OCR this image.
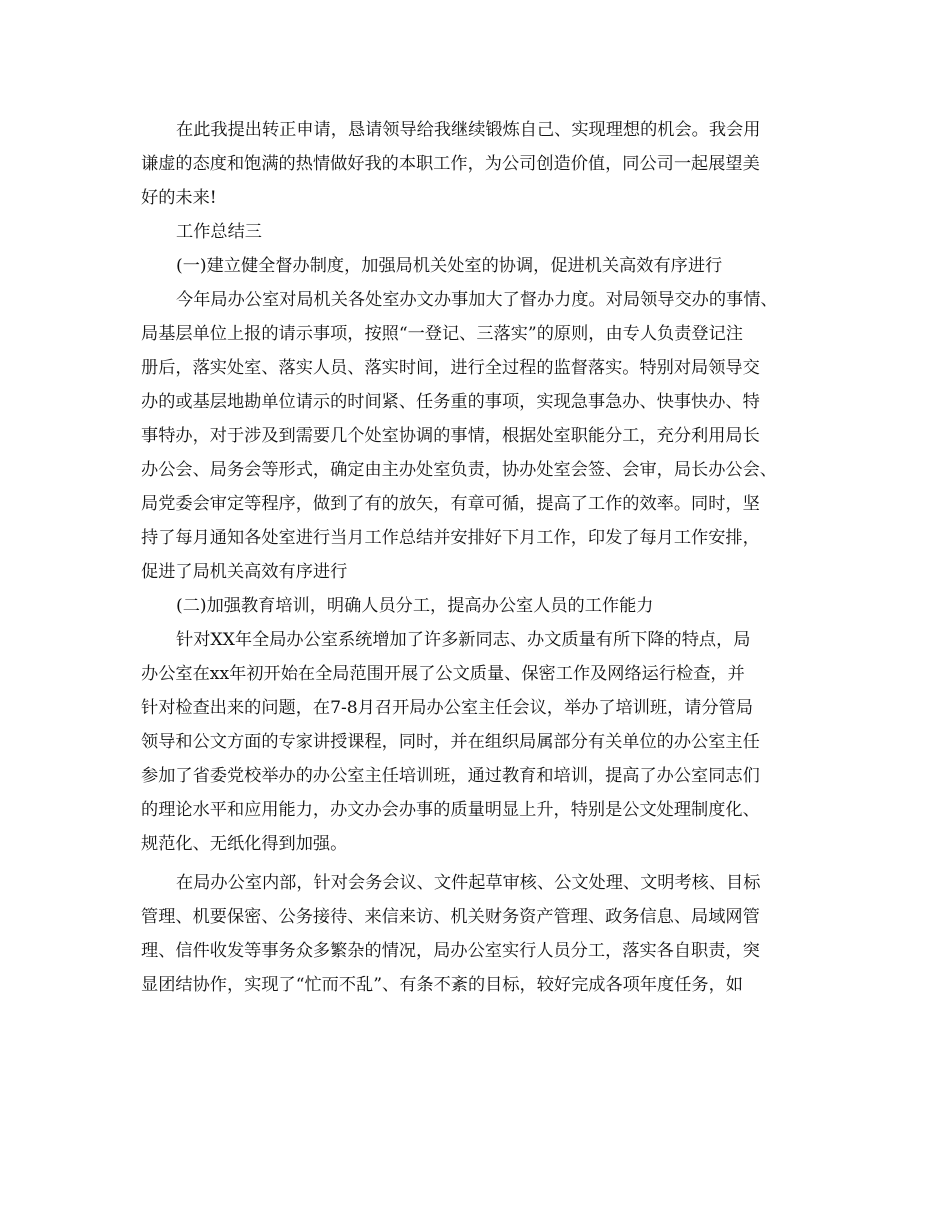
在此我提出转正申请，恳请领导给我继续锻炼自己、实现理想的机会。我会用
谦虚的态度和饱满的热情做好我的本职工作，为公司创造价值，同公司一起展望美
好的未来!
工作总结三
(一)建立健全督办制度，加强局机关处室的协调，促进机关高效有序进行
今年局办公室对局机关各处室办文办事加大了督办力度。对局领导交办的事情、
局基层单位上报的请示事项，按照“一登记、三落实”的原则，由专人负责登记注
册后，落实处室、落实人员、落实时间，进行全过程的监督落实。特别对局领导交
办的或基层地勘单位请示的时间紧、任务重的事项，实现急事急办、快事快办、特
事特办，对于涉及到需要几个处室协调的事情，根据处室职能分工，充分利用局长
办公会、局务会等形式，确定由主办处室负责，协办处室会签、会审，局长办公会、
局党委会审定等程序，做到了有的放矢，有章可循，提高了工作的效率。同时，坚
持了每月通知各处室进行当月工作总结并安排好下月工作，印发了每月工作安排，
促进了局机关高效有序进行
(二)加强教育培训，明确人员分工，提高办公室人员的工作能力
针对XX年全局办公室系统增加了许多新同志、办文质量有所下降的特点，局
办公室在xx年初开始在全局范围开展了公文质量、保密工作及网络运行检查，并
针对检查出来的问题，在7-8月召开局办公室主任会议，举办了培训班，请分管局
领导和公文方面的专家讲授课程，同时，并在组织局属部分有关单位的办公室主任
参加了省委党校举办的办公室主任培训班，通过教育和培训，提高了办公室同志们
的理论水平和应用能力，办文办会办事的质量明显上升，特别是公文处理制度化、
规范化、无纸化得到加强。
在局办公室内部，针对会务会议、文件起草审核、公文处理、文明考核、目标
管理、机要保密、公务接待、来信来访、机关财务资产管理、政务信息、局域网管
理、信件收发等事务众多繁杂的情况，局办公室实行人员分工，落实各自职责，突
显团结协作，实现了“忙而不乱”、有条不紊的目标，较好完成各项年度任务，如
